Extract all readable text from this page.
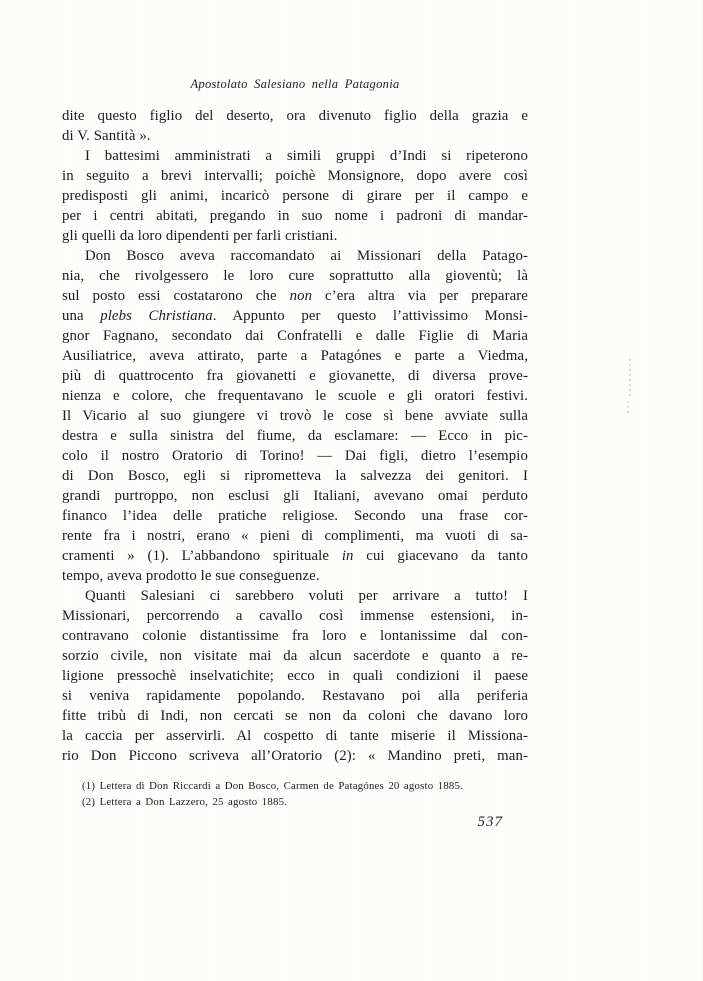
Apostolato Salesiano nella Patagonia
dite questo figlio del deserto, ora divenuto figlio della grazia e
di V. Santità ».
I battesimi amministrati a simili gruppi d’Indi si ripeterono
in seguito a brevi intervalli; poichè Monsignore, dopo avere così
predisposti gli animi, incaricò persone di girare per il campo e
per i centri abitati, pregando in suo nome i padroni di mandar-
gli quelli da loro dipendenti per farli cristiani.
Don Bosco aveva raccomandato ai Missionari della Patago-
nia, che rivolgessero le loro cure soprattutto alla gioventù; là
sul posto essi costatarono che non c’era altra via per preparare
una plebs Christiana. Appunto per questo l’attivissimo Monsi-
gnor Fagnano, secondato dai Confratelli e dalle Figlie di Maria
Ausiliatrice, aveva attirato, parte a Patagónes e parte a Viedma,
più di quattrocento fra giovanetti e giovanette, di diversa prove-
nienza e colore, che frequentavano le scuole e gli oratori festivi.
Il Vicario al suo giungere vi trovò le cose sì bene avviate sulla
destra e sulla sinistra del fiume, da esclamare: — Ecco in pic-
colo il nostro Oratorio di Torino! — Dai figli, dietro l’esempio
di Don Bosco, egli si riprometteva la salvezza dei genitori. I
grandi purtroppo, non esclusi gli Italiani, avevano omai perduto
financo l’idea delle pratiche religiose. Secondo una frase cor-
rente fra i nostri, erano « pieni di complimenti, ma vuoti di sa-
cramenti » (1). L’abbandono spirituale in cui giacevano da tanto
tempo, aveva prodotto le sue conseguenze.
Quanti Salesiani ci sarebbero voluti per arrivare a tutto! I
Missionari, percorrendo a cavallo così immense estensioni, in-
contravano colonie distantissime fra loro e lontanissime dal con-
sorzio civile, non visitate mai da alcun sacerdote e quanto a re-
ligione pressochè inselvatichite; ecco in quali condizioni il paese
si veniva rapidamente popolando. Restavano poi alla periferia
fitte tribù di Indi, non cercati se non da coloni che davano loro
la caccia per asservirli. Al cospetto di tante miserie il Missiona-
rio Don Piccono scriveva all’Oratorio (2): « Mandino preti, man-
(1) Lettera di Don Riccardi a Don Bosco, Carmen de Patagónes 20 agosto 1885.
(2) Lettera a Don Lazzero, 25 agosto 1885.
537
